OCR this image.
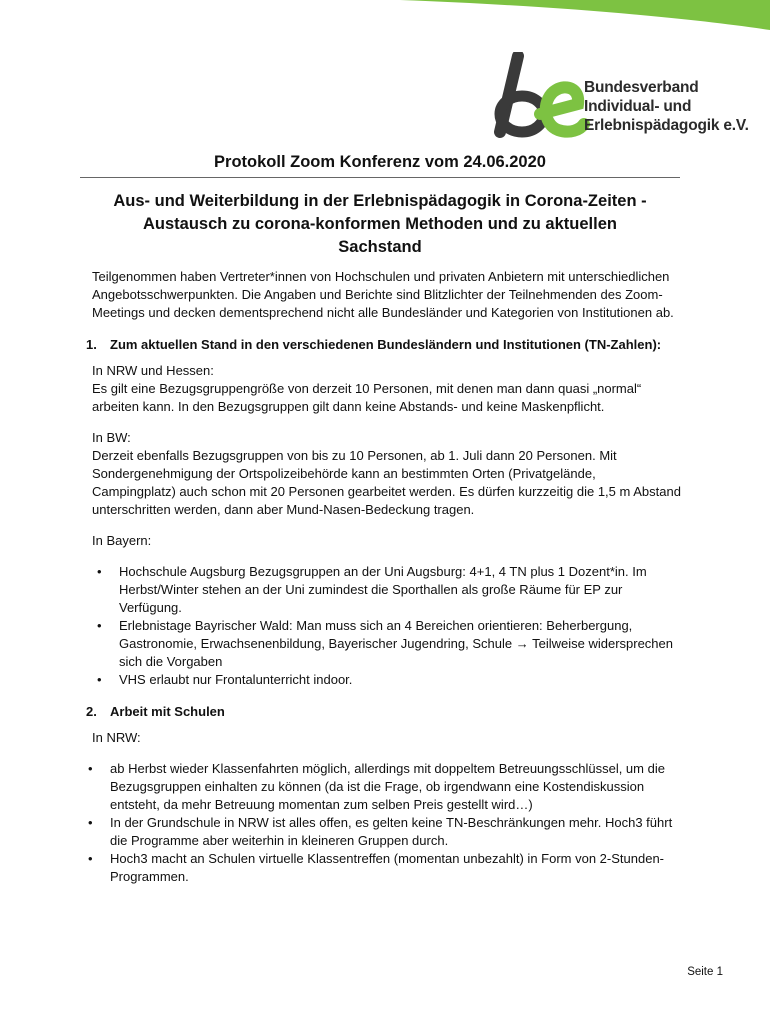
Bundesverband
Individual- und
Erlebnispädagogik e.V.
Protokoll Zoom Konferenz vom 24.06.2020
Aus- und Weiterbildung in der Erlebnispädagogik in Corona-Zeiten -
Austausch zu corona-konformen Methoden und zu aktuellen
Sachstand

Teilgenommen haben Vertreter*innen von Hochschulen und privaten Anbietern mit unterschiedlichen Angebotsschwerpunkten. Die Angaben und Berichte sind Blitzlichter der Teilnehmenden des Zoom-Meetings und decken dementsprechend nicht alle Bundesländer und Kategorien von Institutionen ab.

1.	Zum aktuellen Stand in den verschiedenen Bundesländern und Institutionen (TN-Zahlen):

In NRW und Hessen:
Es gilt eine Bezugsgruppengröße von derzeit 10 Personen, mit denen man dann quasi „normal“ arbeiten kann. In den Bezugsgruppen gilt dann keine Abstands- und keine Maskenpflicht.

In BW:
Derzeit ebenfalls Bezugsgruppen von bis zu 10 Personen, ab 1. Juli dann 20 Personen. Mit Sondergenehmigung der Ortspolizeibehörde kann an bestimmten Orten (Privatgelände, Campingplatz) auch schon mit 20 Personen gearbeitet werden. Es dürfen kurzzeitig die 1,5 m Abstand unterschritten werden, dann aber Mund-Nasen-Bedeckung tragen.

In Bayern:

• Hochschule Augsburg Bezugsgruppen an der Uni Augsburg: 4+1, 4 TN plus 1 Dozent*in. Im Herbst/Winter stehen an der Uni zumindest die Sporthallen als große Räume für EP zur Verfügung.
• Erlebnistage Bayrischer Wald: Man muss sich an 4 Bereichen orientieren: Beherbergung, Gastronomie, Erwachsenenbildung, Bayerischer Jugendring, Schule → Teilweise widersprechen sich die Vorgaben
• VHS erlaubt nur Frontalunterricht indoor.
2.	Arbeit mit Schulen

In NRW:

• ab Herbst wieder Klassenfahrten möglich, allerdings mit doppeltem Betreuungsschlüssel, um die Bezugsgruppen einhalten zu können (da ist die Frage, ob irgendwann eine Kostendiskussion entsteht, da mehr Betreuung momentan zum selben Preis gestellt wird…)
• In der Grundschule in NRW ist alles offen, es gelten keine TN-Beschränkungen mehr. Hoch3 führt die Programme aber weiterhin in kleineren Gruppen durch.
• Hoch3 macht an Schulen virtuelle Klassentreffen (momentan unbezahlt) in Form von 2-Stunden-Programmen.
Seite 1
